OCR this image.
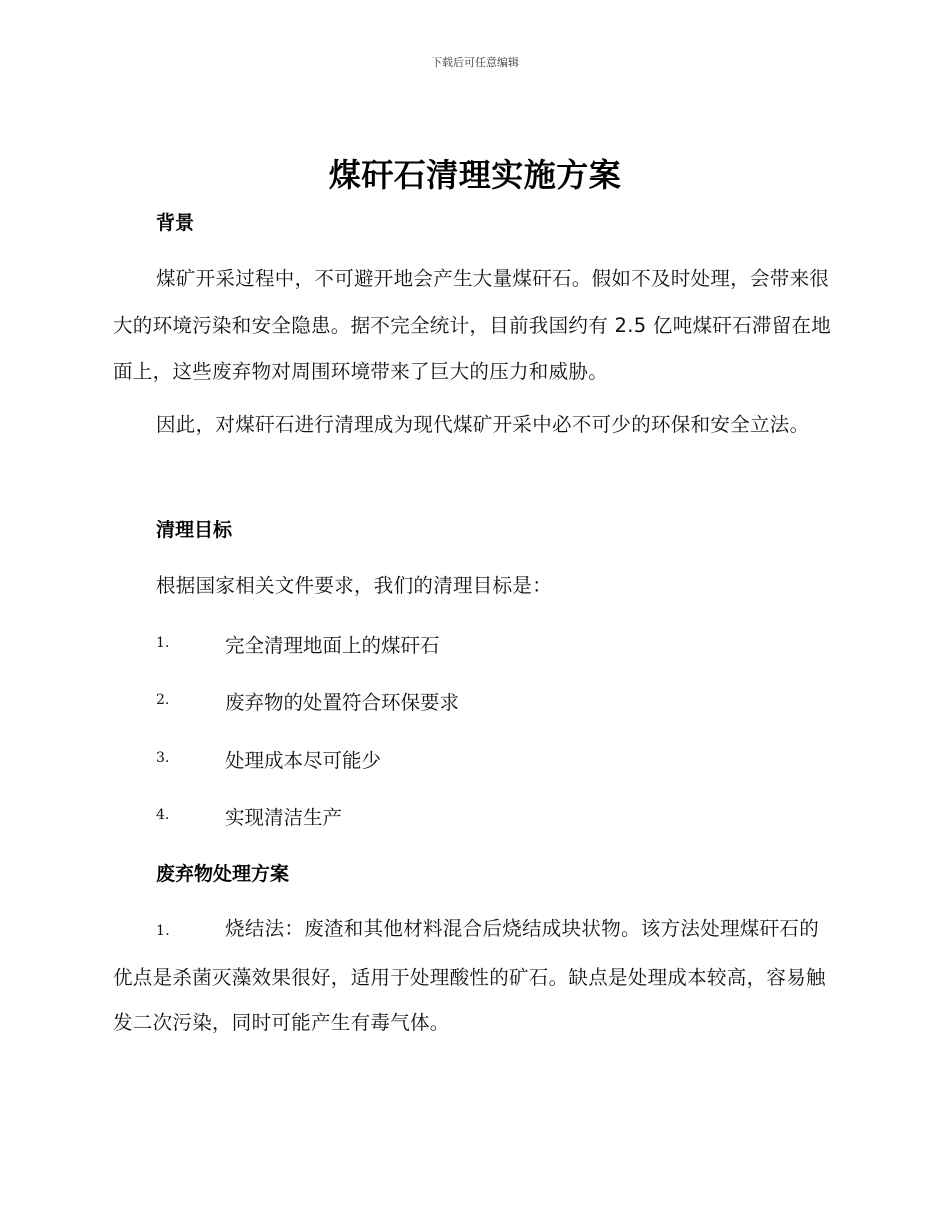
下载后可任意编辑
煤矸石清理实施方案
背景

煤矿开采过程中，不可避开地会产生大量煤矸石。假如不及时处理，会带来很大的环境污染和安全隐患。据不完全统计，目前我国约有 2.5 亿吨煤矸石滞留在地面上，这些废弃物对周围环境带来了巨大的压力和威胁。

因此，对煤矸石进行清理成为现代煤矿开采中必不可少的环保和安全立法。

清理目标

根据国家相关文件要求，我们的清理目标是：

1.	完全清理地面上的煤矸石
2.	废弃物的处置符合环保要求
3.	处理成本尽可能少
4.	实现清洁生产
废弃物处理方案

1.	烧结法：废渣和其他材料混合后烧结成块状物。该方法处理煤矸石的优点是杀菌灭藻效果很好，适用于处理酸性的矿石。缺点是处理成本较高，容易触发二次污染，同时可能产生有毒气体。
